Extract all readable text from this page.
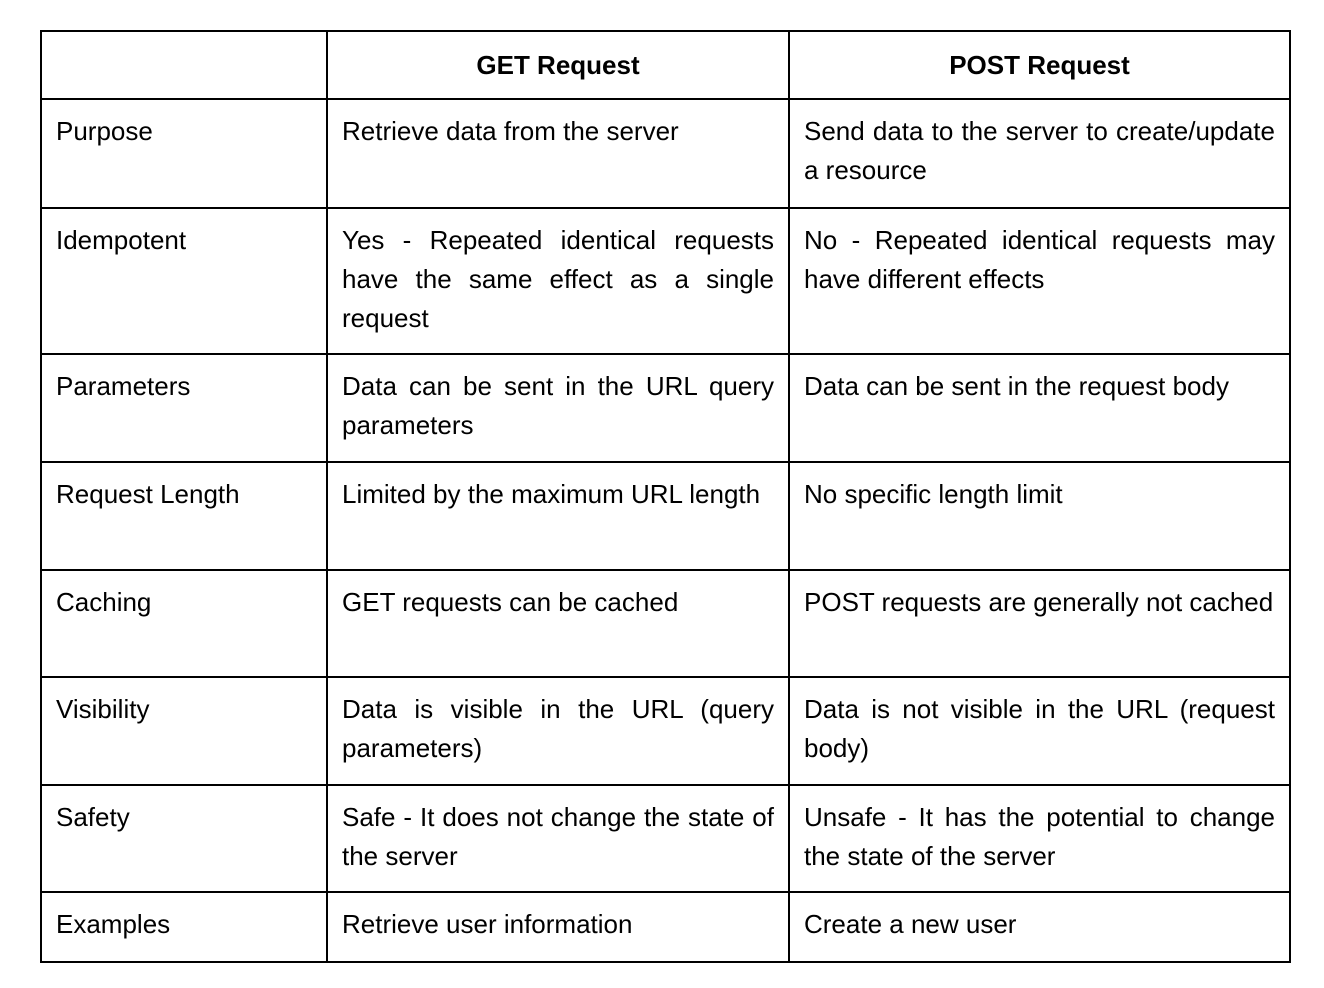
	GET Request	POST Request
Purpose	Retrieve data from the server	Send data to the server to create/update a resource
Idempotent	Yes - Repeated identical requests have the same effect as a single request	No - Repeated identical requests may have different effects
Parameters	Data can be sent in the URL query parameters	Data can be sent in the request body
Request Length	Limited by the maximum URL length	No specific length limit
Caching	GET requests can be cached	POST requests are generally not cached
Visibility	Data is visible in the URL (query parameters)	Data is not visible in the URL (request body)
Safety	Safe - It does not change the state of the server	Unsafe - It has the potential to change the state of the server
Examples	Retrieve user information	Create a new user
